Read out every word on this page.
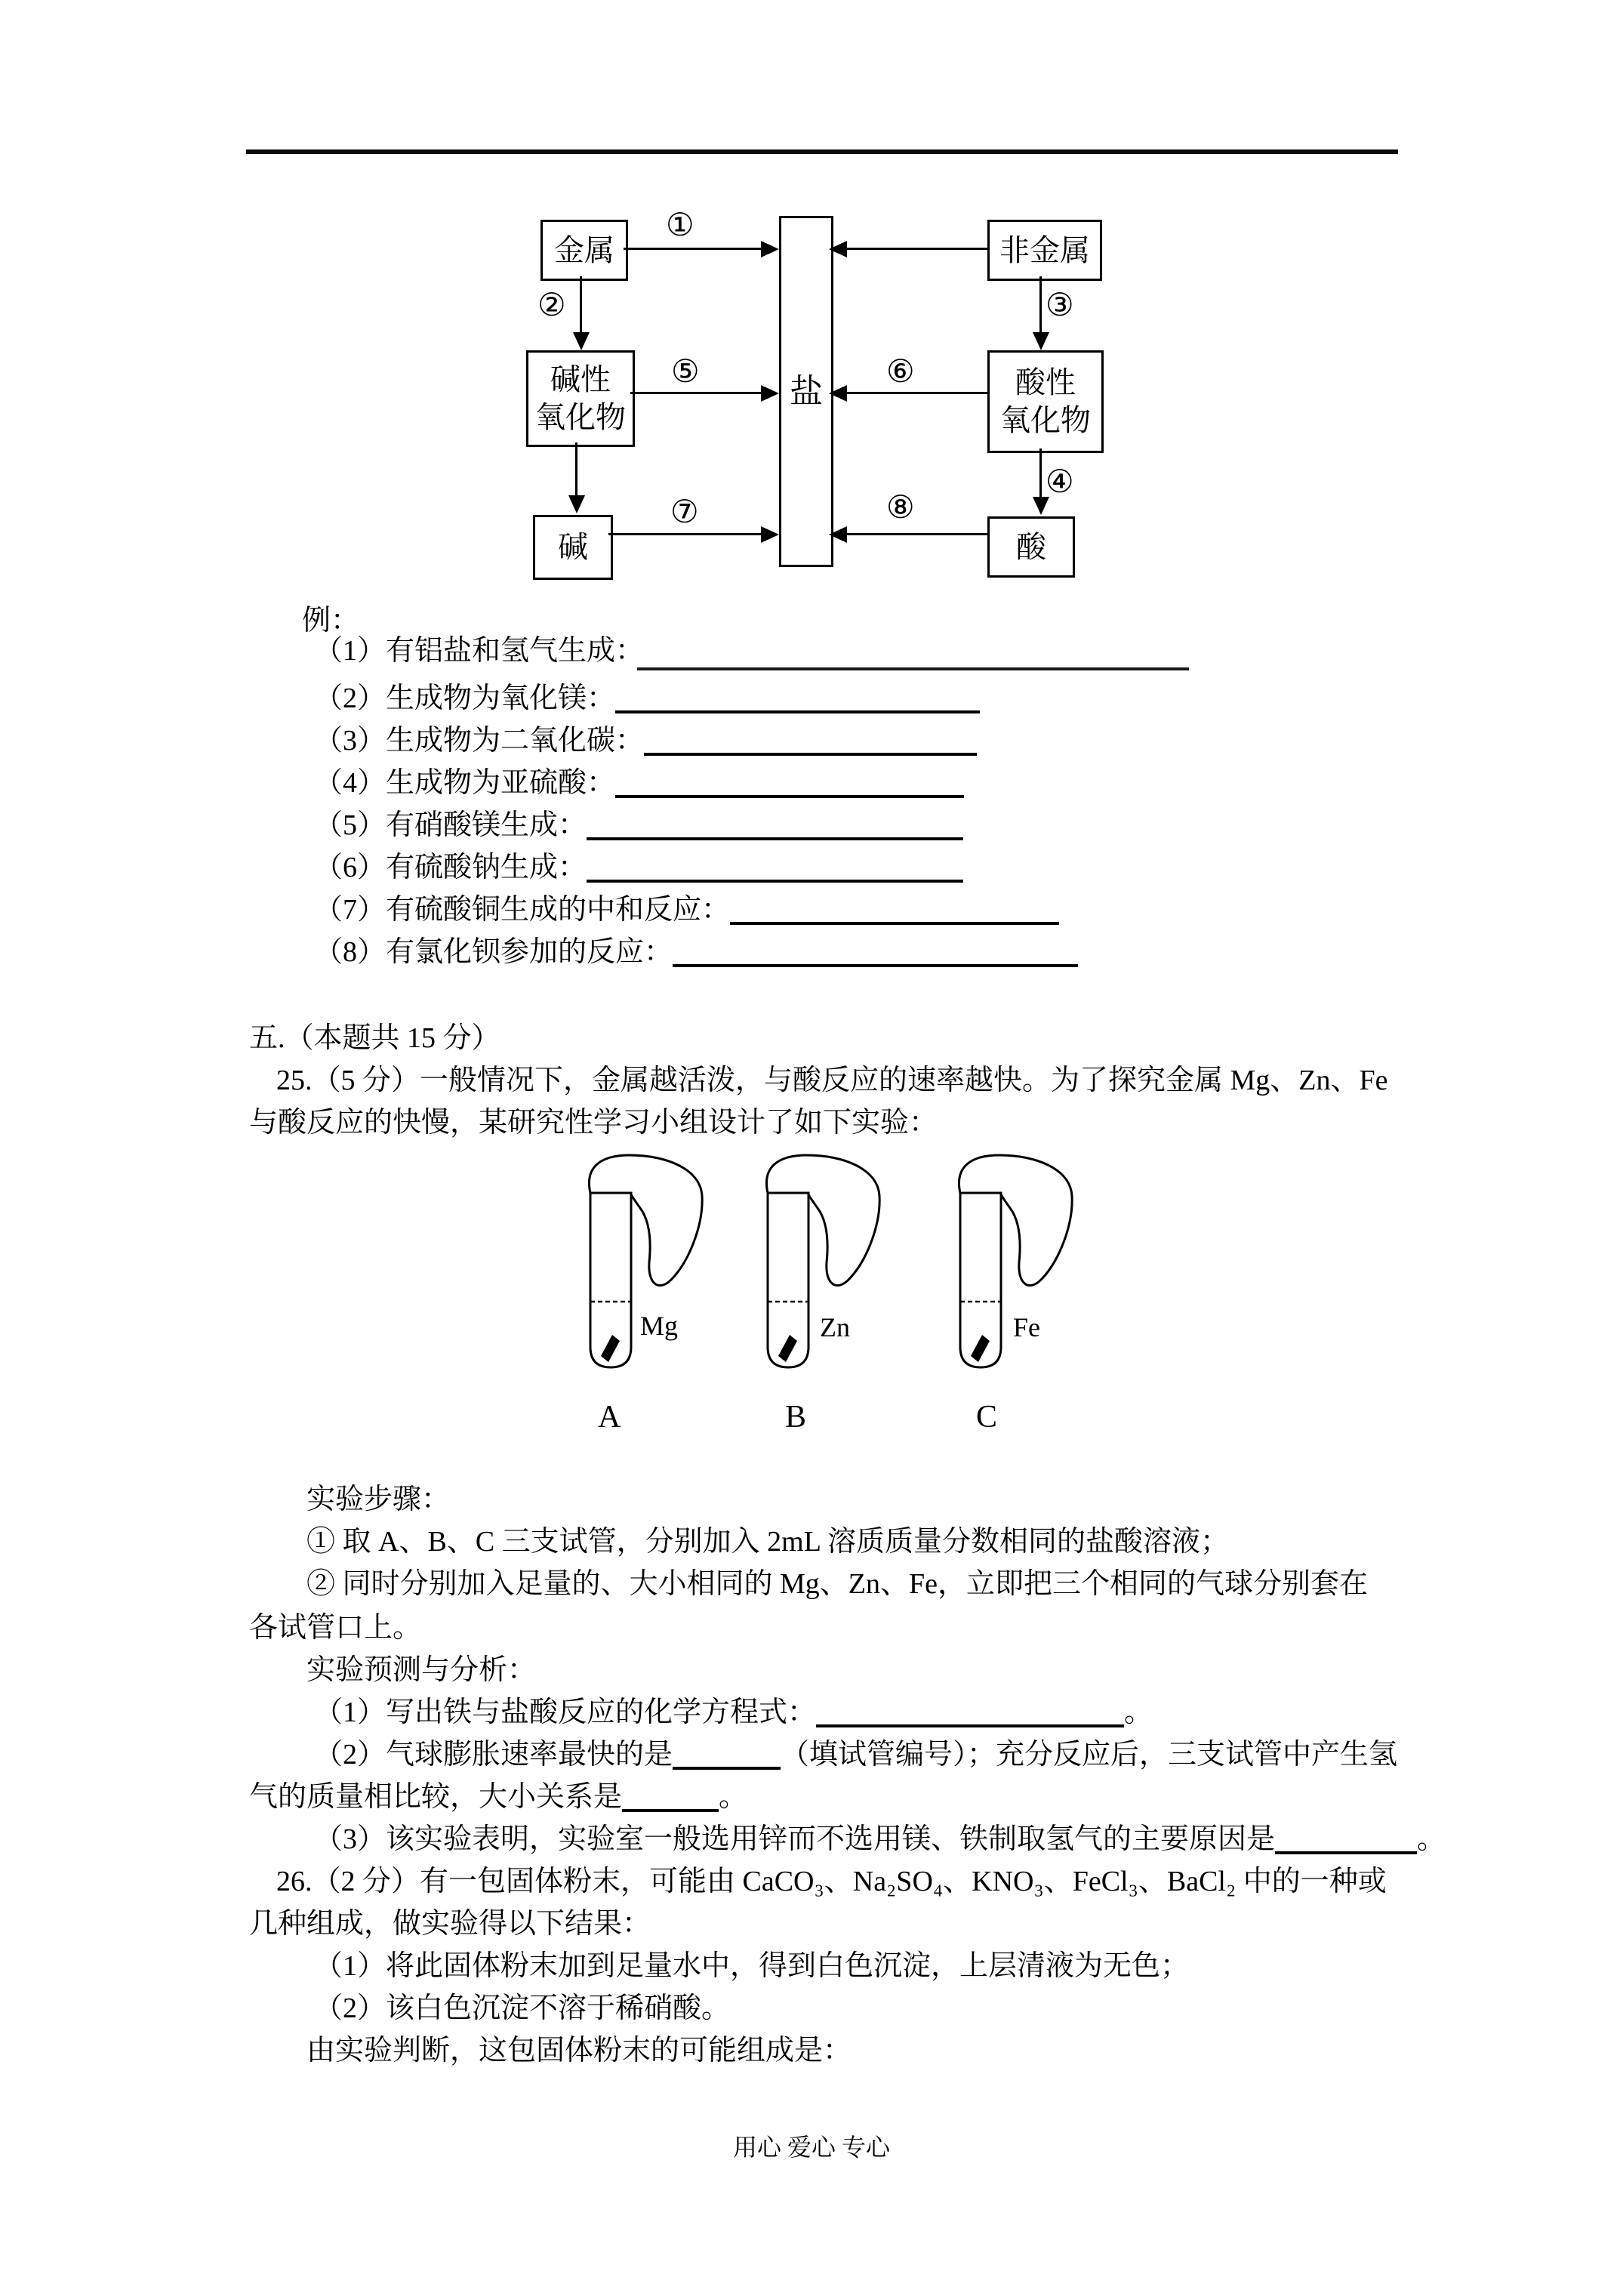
盐
金属	非金属
碱性
氧化物
酸性
氧化物
碱	酸
①
②	③
⑤	⑥
④
⑦	⑧
例：
（1）有铝盐和氢气生成：
（2）生成物为氧化镁：
（3）生成物为二氧化碳：
（4）生成物为亚硫酸：
（5）有硝酸镁生成：
（6）有硫酸钠生成：
（7）有硫酸铜生成的中和反应：
（8）有氯化钡参加的反应：
五.（本题共 15 分）
25.（5 分）一般情况下，金属越活泼，与酸反应的速率越快。为了探究金属 Mg、Zn、Fe
与酸反应的快慢，某研究性学习小组设计了如下实验：
Mg	Zn	Fe
A	B	C
实验步骤：
① 取 A、B、C 三支试管，分别加入 2mL 溶质质量分数相同的盐酸溶液；
② 同时分别加入足量的、大小相同的 Mg、Zn、Fe，立即把三个相同的气球分别套在
各试管口上。
实验预测与分析：
（1）写出铁与盐酸反应的化学方程式：	。
（2）气球膨胀速率最快的是	（填试管编号）；充分反应后，三支试管中产生氢
气的质量相比较，大小关系是	。
（3）该实验表明，实验室一般选用锌而不选用镁、铁制取氢气的主要原因是	。
26.（2 分）有一包固体粉末，可能由 CaCO₃、Na₂SO₄、KNO₃、FeCl₃、BaCl₂ 中的一种或
几种组成，做实验得以下结果：
（1）将此固体粉末加到足量水中，得到白色沉淀，上层清液为无色；
（2）该白色沉淀不溶于稀硝酸。
由实验判断，这包固体粉末的可能组成是：
用心 爱心 专心
